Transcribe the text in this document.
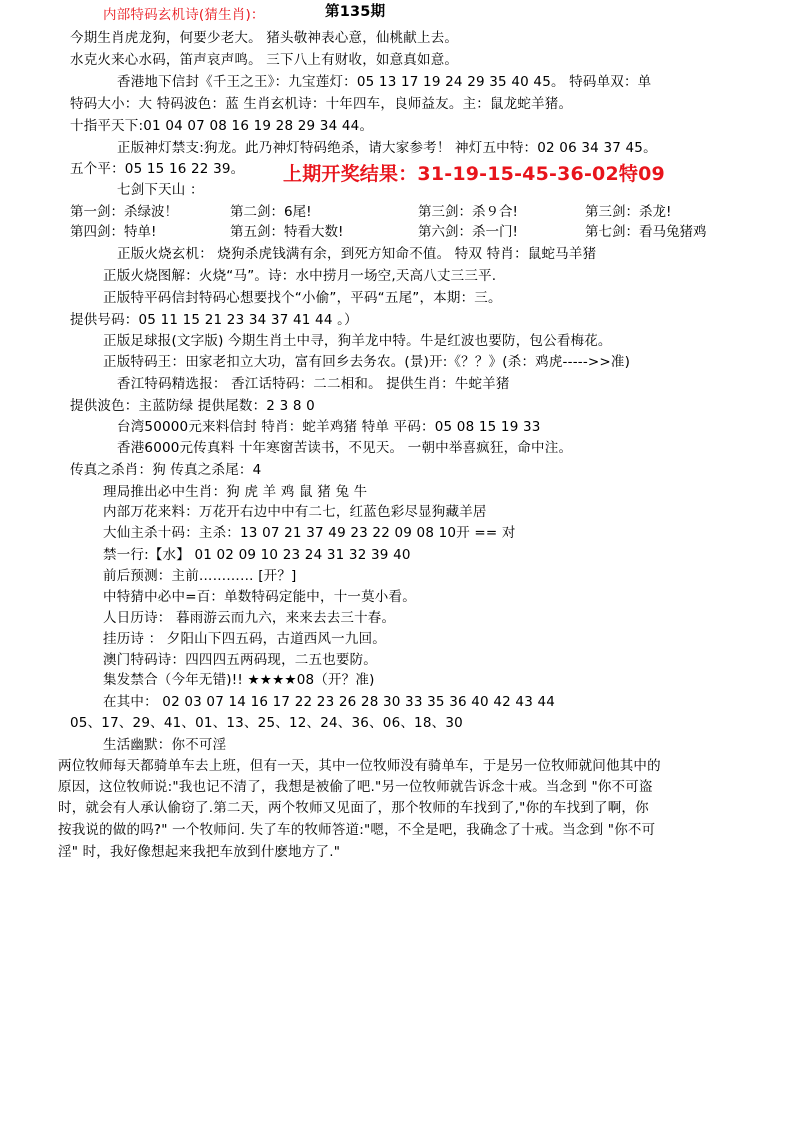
内部特码玄机诗(猜生肖)：	第135期
今期生肖虎龙狗，何要少老大。 猪头敬神表心意，仙桃献上去。
水克火来心水码，笛声哀声鸣。 三下八上有财收，如意真如意。
香港地下信封《千王之王》：九宝莲灯：05 13 17 19 24 29 35 40 45。 特码单双：单
特码大小：大 特码波色：蓝 生肖玄机诗：十年四车，良师益友。主：鼠龙蛇羊猪。
十指平天下:01 04 07 08 16 19 28 29 34 44。
正版神灯禁支:狗龙。此乃神灯特码绝杀，请大家参考！ 神灯五中特：02 06 34 37 45。
五个平：05 15 16 22 39。 上期开奖结果：31-19-15-45-36-02特09
七剑下天山 ：
第一剑：杀绿波！	第二剑：6尾!	第三剑：杀９合!	第三剑：杀龙!
第四剑：特单!	第五剑：特看大数!	第六剑：杀一门!	第七剑：看马兔猪鸡
正版火烧玄机： 烧狗杀虎钱满有余，到死方知命不值。 特双 特肖：鼠蛇马羊猪
正版火烧图解：火烧“马”。诗：水中捞月一场空,天高八丈三三平.
正版特平码信封特码心想要找个“小偷”，平码“五尾”，本期：三。
提供号码：05 11 15 21 23 34 37 41 44 。）
正版足球报(文字版) 今期生肖土中寻，狗羊龙中特。牛是红波也要防，包公看梅花。
正版特码王：田家老扣立大功，富有回乡去务农。(景)开:《？？》(杀：鸡虎----->>准)
香江特码精选报： 香江话特码：二二相和。 提供生肖：牛蛇羊猪
提供波色：主蓝防绿 提供尾数：2 3 8 0
台湾50000元来料信封 特肖：蛇羊鸡猪 特单 平码：05 08 15 19 33
香港6000元传真料 十年寒窗苦读书，不见天。 一朝中举喜疯狂，命中注。
传真之杀肖：狗 传真之杀尾：4
理局推出必中生肖：狗 虎 羊 鸡 鼠 猪 兔 牛
内部万花来料：万花开右边中中有二七，红蓝色彩尽显狗藏羊居
大仙主杀十码：主杀：13 07 21 37 49 23 22 09 08 10开 == 对
禁一行:【水】 01 02 09 10 23 24 31 32 39 40
前后预测：主前………… [开？]
中特猜中必中=百：单数特码定能中，十一莫小看。
人日历诗： 暮雨游云而九六，来来去去三十春。
挂历诗 ： 夕阳山下四五码，古道西风一九回。
澳门特码诗：四四四五两码现，二五也要防。
集发禁合（今年无错)!! ★★★★08（开？准)
在其中： 02 03 07 14 16 17 22 23 26 28 30 33 35 36 40 42 43 44
05、17、29、41、01、13、25、12、24、36、06、18、30
生活幽默：你不可淫
两位牧师每天都骑单车去上班，但有一天，其中一位牧师没有骑单车，于是另一位牧师就问他其中的
原因，这位牧师说:"我也记不清了，我想是被偷了吧."另一位牧师就告诉念十戒。当念到 "你不可盗
时，就会有人承认偷窃了.第二天，两个牧师又见面了，那个牧师的车找到了,"你的车找到了啊，你
按我说的做的吗?" 一个牧师问. 失了车的牧师答道:"嗯，不全是吧，我确念了十戒。当念到 "你不可
淫" 时，我好像想起来我把车放到什麽地方了."
